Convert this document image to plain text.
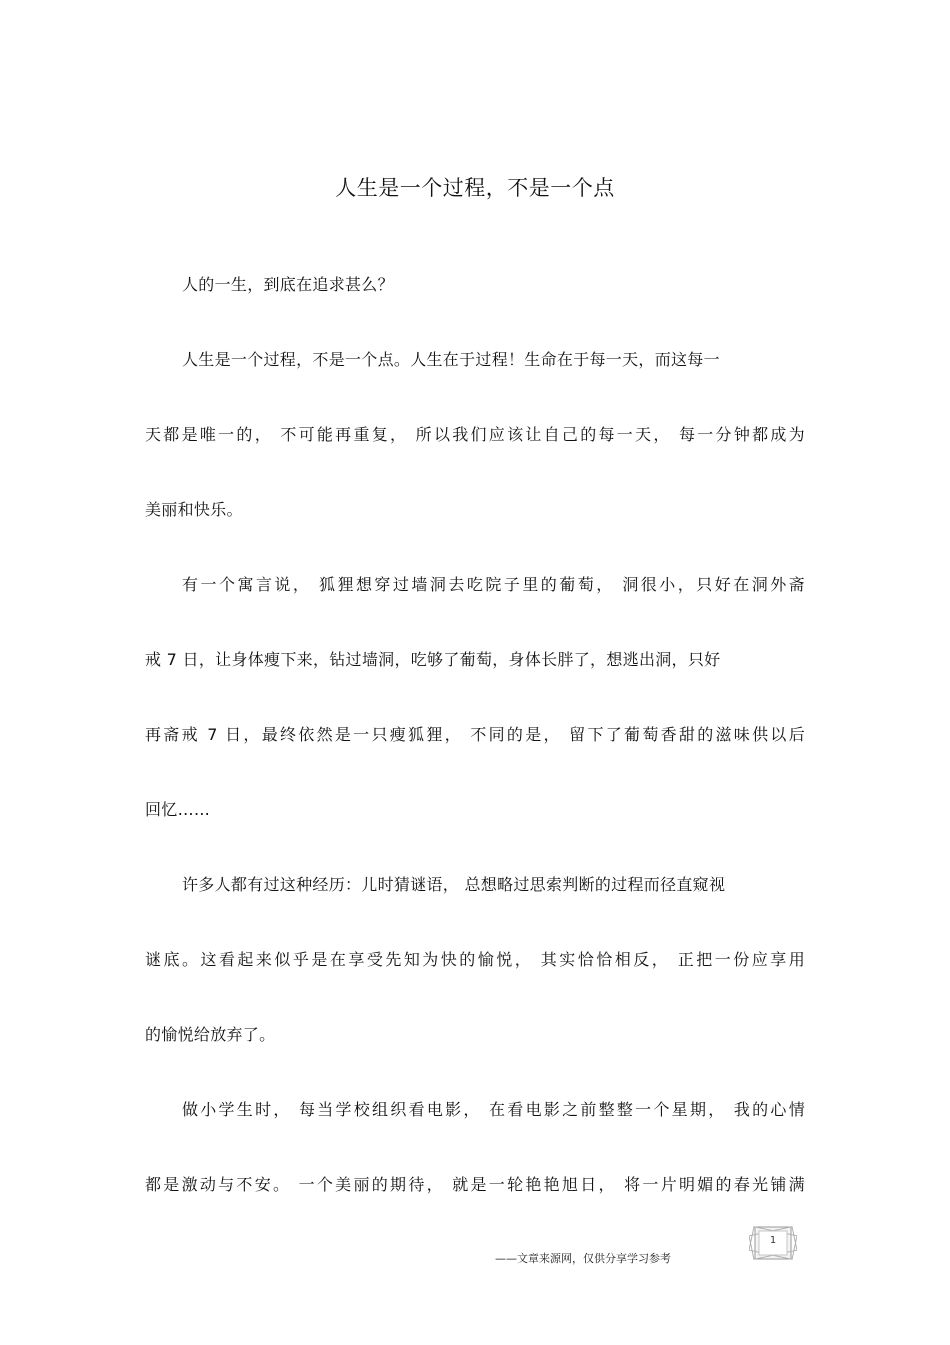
人生是一个过程，不是一个点

人的一生，到底在追求甚么？

人生是一个过程，不是一个点。人生在于过程！生命在于每一天，而这每一

天都是唯一的， 不可能再重复， 所以我们应该让自己的每一天， 每一分钟都成为

美丽和快乐。

有一个寓言说， 狐狸想穿过墙洞去吃院子里的葡萄， 洞很小，只好在洞外斋

戒 7 日，让身体瘦下来，钻过墙洞，吃够了葡萄，身体长胖了，想逃出洞，只好

再斋戒 7 日，最终依然是一只瘦狐狸， 不同的是， 留下了葡萄香甜的滋味供以后

回忆……

许多人都有过这种经历：儿时猜谜语， 总想略过思索判断的过程而径直窥视

谜底。这看起来似乎是在享受先知为快的愉悦， 其实恰恰相反， 正把一份应享用

的愉悦给放弃了。

做小学生时， 每当学校组织看电影， 在看电影之前整整一个星期， 我的心情

都是激动与不安。 一个美丽的期待， 就是一轮艳艳旭日， 将一片明媚的春光铺满

——文章来源网，仅供分享学习参考
1
